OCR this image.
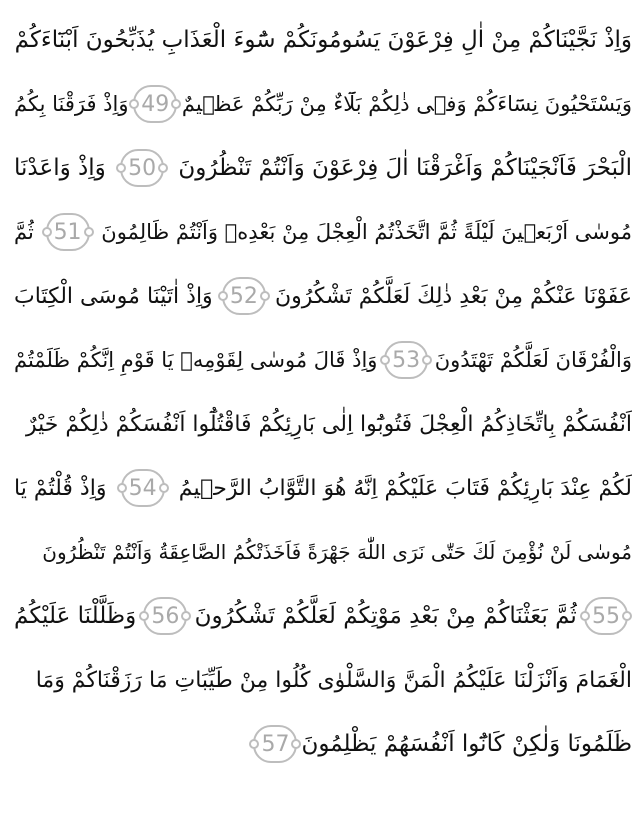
وَاِذْ نَجَّيْنَاكُمْ مِنْ اٰلِ فِرْعَوْنَ يَسُومُونَكُمْ سُٓوءَ الْعَذَابِ يُذَبِّحُونَ اَبْنَٓاءَكُمْ
وَيَسْتَحْيُونَ نِسَٓاءَكُمْ وَفٖى ذٰلِكُمْ بَلَٓاءٌ مِنْ رَبِّكُمْ عَظٖيمٌ
49
وَاِذْ فَرَقْنَا بِكُمُ
الْبَحْرَ فَاَنْجَيْنَاكُمْ وَاَغْرَقْنَا اٰلَ فِرْعَوْنَ وَاَنْتُمْ تَنْظُرُونَ
50
وَاِذْ وَاعَدْنَا
مُوسٰى اَرْبَعٖينَ لَيْلَةً ثُمَّ اتَّخَذْتُمُ الْعِجْلَ مِنْ بَعْدِهٖ وَاَنْتُمْ ظَالِمُونَ
51
ثُمَّ
عَفَوْنَا عَنْكُمْ مِنْ بَعْدِ ذٰلِكَ لَعَلَّكُمْ تَشْكُرُونَ
52
وَاِذْ اٰتَيْنَا مُوسَى الْكِتَابَ
وَالْفُرْقَانَ لَعَلَّكُمْ تَهْتَدُونَ
53
وَاِذْ قَالَ مُوسٰى لِقَوْمِهٖ يَا قَوْمِ اِنَّكُمْ ظَلَمْتُمْ
اَنْفُسَكُمْ بِاتِّخَاذِكُمُ الْعِجْلَ فَتُوبُٓوا اِلٰى بَارِئِكُمْ فَاقْتُلُٓوا اَنْفُسَكُمْ ذٰلِكُمْ خَيْرٌ
لَكُمْ عِنْدَ بَارِئِكُمْ فَتَابَ عَلَيْكُمْ اِنَّهُ هُوَ التَّوَّابُ الرَّحٖيمُ
54
وَاِذْ قُلْتُمْ يَا
مُوسٰى لَنْ نُؤْمِنَ لَكَ حَتّٰى نَرَى اللّٰهَ جَهْرَةً فَاَخَذَتْكُمُ الصَّاعِقَةُ وَاَنْتُمْ تَنْظُرُونَ
55
ثُمَّ بَعَثْنَاكُمْ مِنْ بَعْدِ مَوْتِكُمْ لَعَلَّكُمْ تَشْكُرُونَ
56
وَظَلَّلْنَا عَلَيْكُمُ
الْغَمَامَ وَاَنْزَلْنَا عَلَيْكُمُ الْمَنَّ وَالسَّلْوٰى كُلُوا مِنْ طَيِّبَاتِ مَا رَزَقْنَاكُمْ وَمَا
ظَلَمُونَا وَلٰكِنْ كَانُٓوا اَنْفُسَهُمْ يَظْلِمُونَ
57
